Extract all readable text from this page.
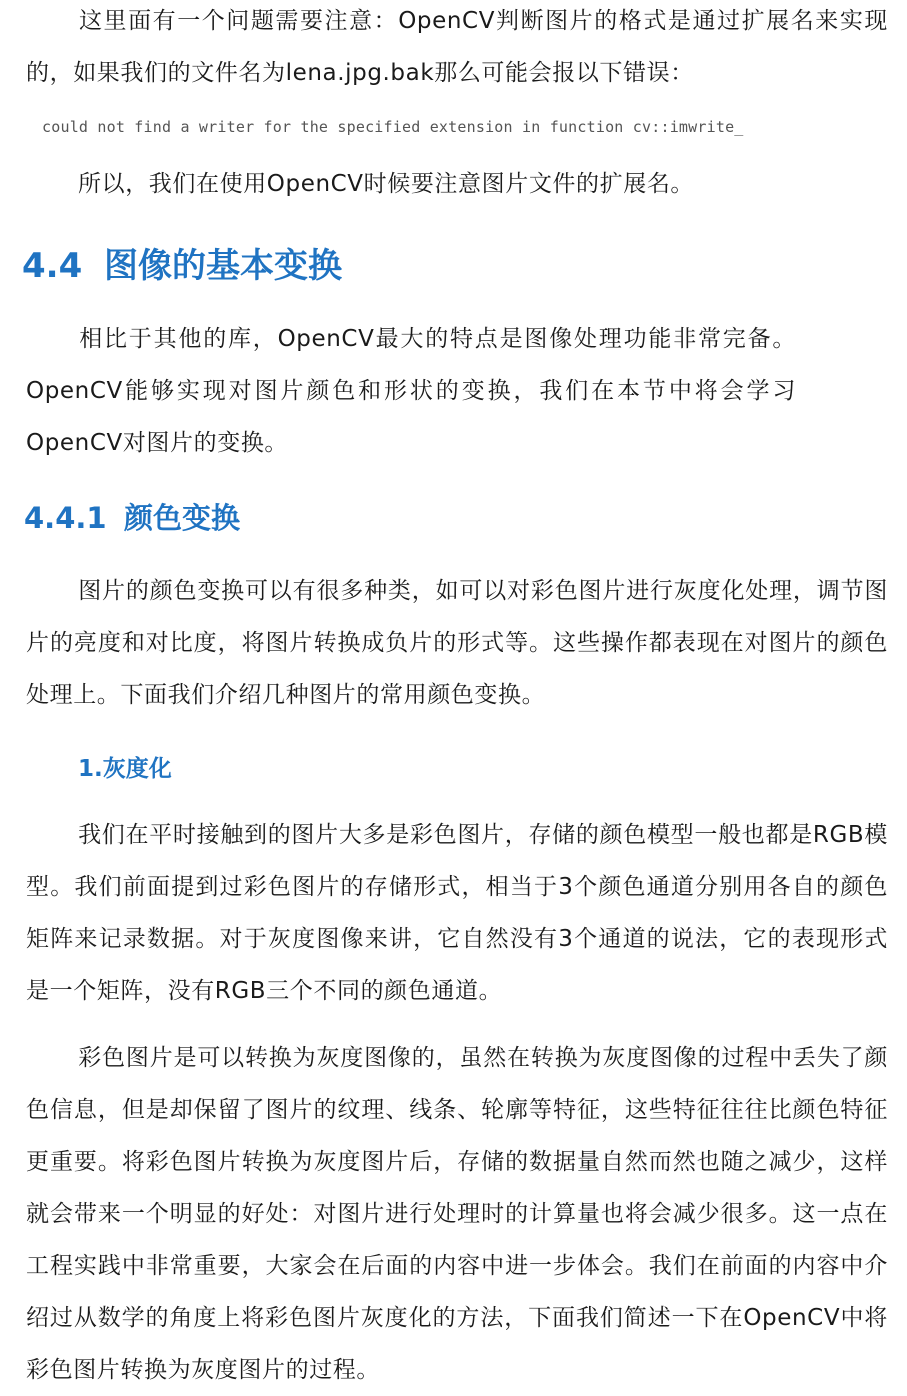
这里面有一个问题需要注意：OpenCV判断图片的格式是通过扩展名来实现的，如果我们的文件名为lena.jpg.bak那么可能会报以下错误：

could not find a writer for the specified extension in function cv::imwrite_

所以，我们在使用OpenCV时候要注意图片文件的扩展名。

4.4 图像的基本变换

相比于其他的库，OpenCV最大的特点是图像处理功能非常完备。OpenCV能够实现对图片颜色和形状的变换，我们在本节中将会学习OpenCV对图片的变换。

4.4.1 颜色变换

图片的颜色变换可以有很多种类，如可以对彩色图片进行灰度化处理，调节图片的亮度和对比度，将图片转换成负片的形式等。这些操作都表现在对图片的颜色处理上。下面我们介绍几种图片的常用颜色变换。

1.灰度化

我们在平时接触到的图片大多是彩色图片，存储的颜色模型一般也都是RGB模型。我们前面提到过彩色图片的存储形式，相当于3个颜色通道分别用各自的颜色矩阵来记录数据。对于灰度图像来讲，它自然没有3个通道的说法，它的表现形式是一个矩阵，没有RGB三个不同的颜色通道。

彩色图片是可以转换为灰度图像的，虽然在转换为灰度图像的过程中丢失了颜色信息，但是却保留了图片的纹理、线条、轮廓等特征，这些特征往往比颜色特征更重要。将彩色图片转换为灰度图片后，存储的数据量自然而然也随之减少，这样就会带来一个明显的好处：对图片进行处理时的计算量也将会减少很多。这一点在工程实践中非常重要，大家会在后面的内容中进一步体会。我们在前面的内容中介绍过从数学的角度上将彩色图片灰度化的方法，下面我们简述一下在OpenCV中将彩色图片转换为灰度图片的过程。
